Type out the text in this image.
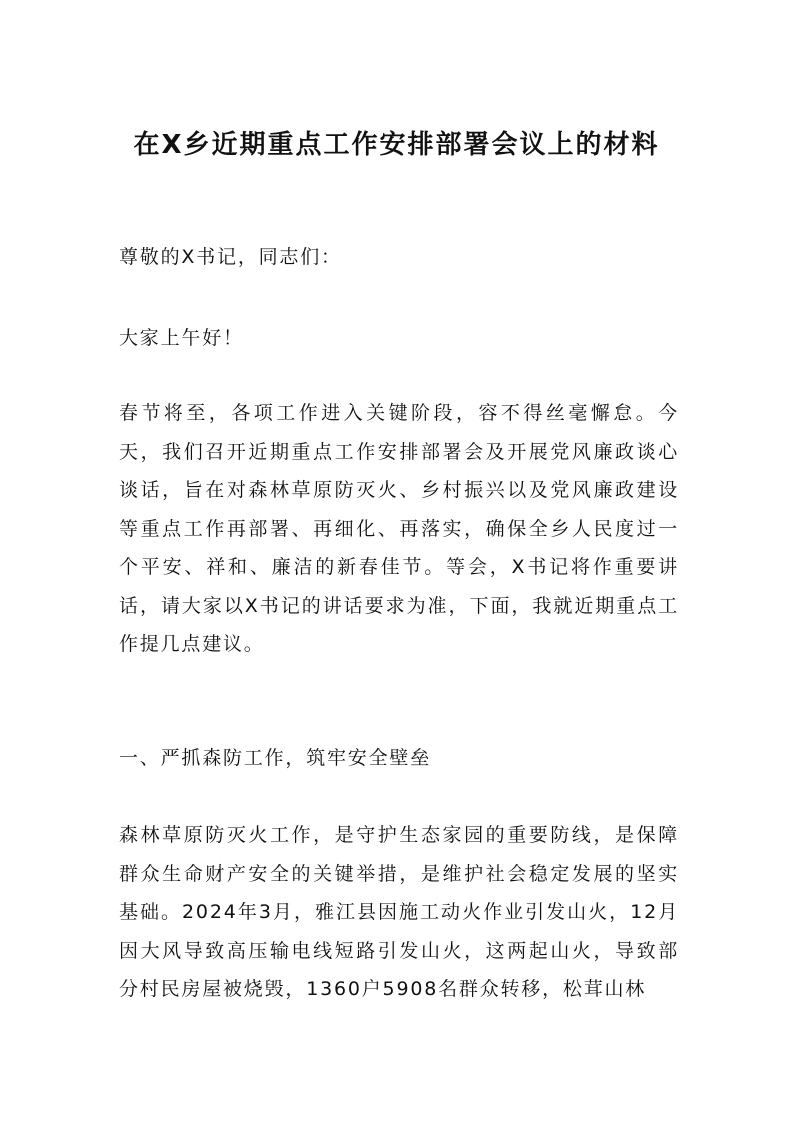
在X乡近期重点工作安排部署会议上的材料

尊敬的X书记，同志们：

大家上午好！

春节将至，各项工作进入关键阶段，容不得丝毫懈怠。今天，我们召开近期重点工作安排部署会及开展党风廉政谈心谈话，旨在对森林草原防灭火、乡村振兴以及党风廉政建设等重点工作再部署、再细化、再落实，确保全乡人民度过一个平安、祥和、廉洁的新春佳节。等会，X书记将作重要讲话，请大家以X书记的讲话要求为准，下面，我就近期重点工作提几点建议。

一、严抓森防工作，筑牢安全壁垒

森林草原防灭火工作，是守护生态家园的重要防线，是保障群众生命财产安全的关键举措，是维护社会稳定发展的坚实基础。2024年3月，雅江县因施工动火作业引发山火，12月因大风导致高压输电线短路引发山火，这两起山火，导致部分村民房屋被烧毁，1360户5908名群众转移，松茸山林
